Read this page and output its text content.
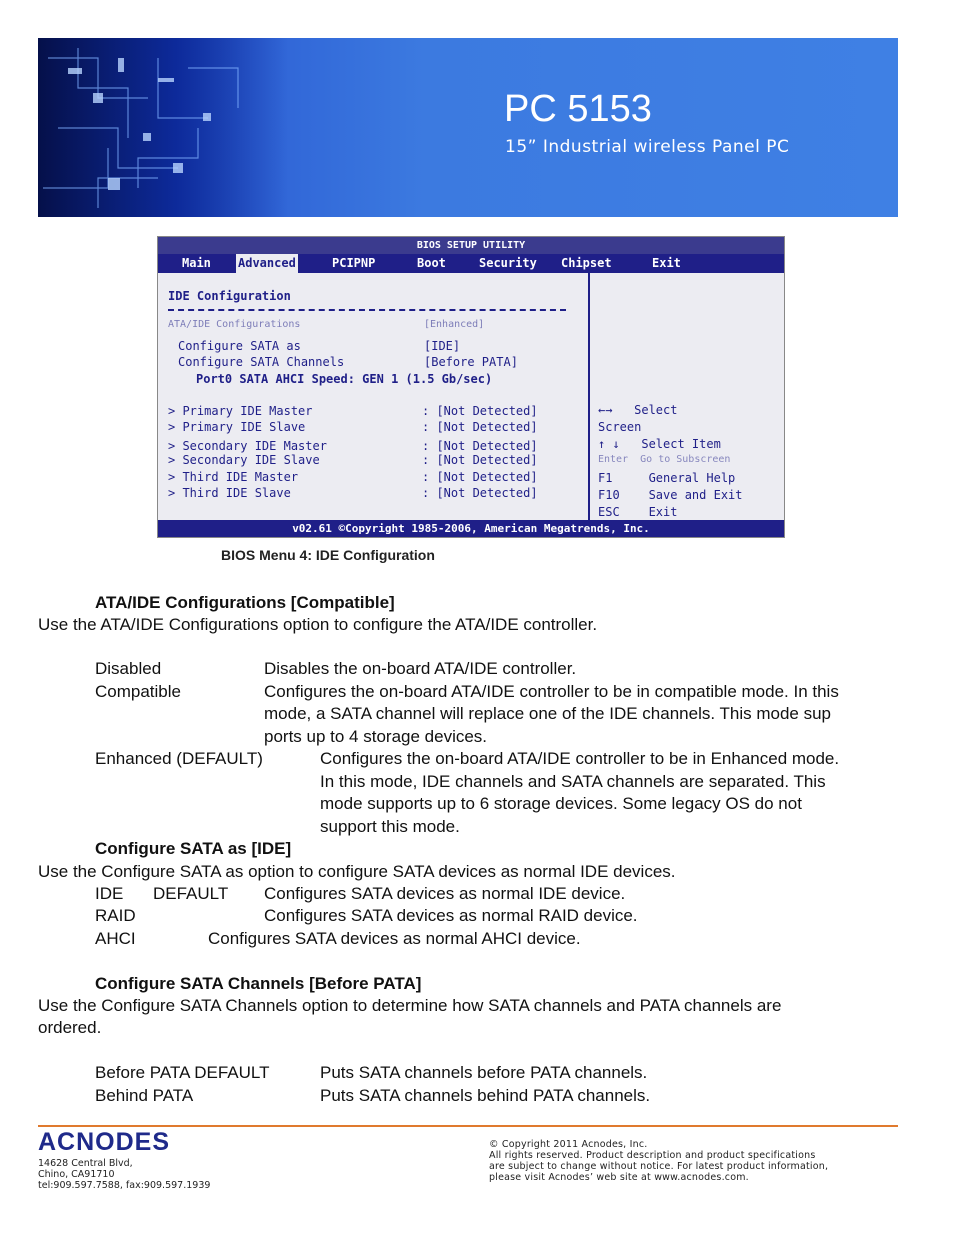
PC 5153
15” Industrial wireless Panel PC
BIOS SETUP UTILITY
Main Advanced	PCIPNP	Boot	Security Chipset	Exit
IDE Configuration
ATA/IDE Configurations	[Enhanced]
Configure SATA as	[IDE]
Configure SATA Channels	[Before PATA]
Port0 SATA AHCI Speed: GEN 1 (1.5 Gb/sec)
> Primary IDE Master	: [Not Detected]
> Primary IDE Slave	: [Not Detected]
> Secondary IDE Master	: [Not Detected]
> Secondary IDE Slave	: [Not Detected]
> Third IDE Master	: [Not Detected]
> Third IDE Slave	: [Not Detected]
←→   Select
Screen
↑ ↓   Select Item
Enter  Go to Subscreen
F1     General Help
F10    Save and Exit
ESC    Exit
v02.61 ©Copyright 1985-2006, American Megatrends, Inc.
BIOS Menu 4: IDE Configuration
ATA/IDE Configurations [Compatible]
Use the ATA/IDE Configurations option to configure the ATA/IDE controller.
Disabled	Disables the on-board ATA/IDE controller.
Compatible	Configures the on-board ATA/IDE controller to be in compatible mode. In this
mode, a SATA channel will replace one of the IDE channels. This mode sup
ports up to 4 storage devices.
Enhanced (DEFAULT)	Configures the on-board ATA/IDE controller to be in Enhanced mode.
In this mode, IDE channels and SATA channels are separated. This
mode supports up to 6 storage devices. Some legacy OS do not
support this mode.
Configure SATA as [IDE]
Use the Configure SATA as option to configure SATA devices as normal IDE devices.
IDE DEFAULT Configures SATA devices as normal IDE device.
RAID	Configures SATA devices as normal RAID device.
AHCI	Configures SATA devices as normal AHCI device.
Configure SATA Channels [Before PATA]
Use the Configure SATA Channels option to determine how SATA channels and PATA channels are
ordered.
Before PATA DEFAULT	Puts SATA channels before PATA channels.
Behind PATA	Puts SATA channels behind PATA channels.
ACNODES
14628 Central Blvd,
Chino, CA91710
tel:909.597.7588, fax:909.597.1939
© Copyright 2011 Acnodes, Inc.
All rights reserved. Product description and product specifications
are subject to change without notice. For latest product information,
please visit Acnodes’ web site at www.acnodes.com.
